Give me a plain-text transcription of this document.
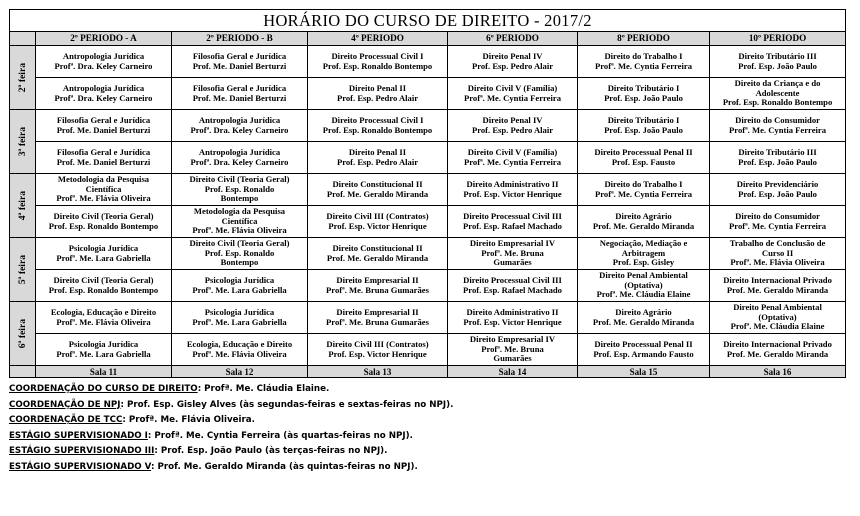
HORÁRIO DO CURSO DE DIREITO - 2017/2						
	2º PERIODO - A	2º PERIODO - B	4º PERIODO	6º PERIODO	8º PERIODO	10º PERIODO

2ª feira	Antropologia Jurídica
Profª. Dra. Keley Carneiro	Filosofia Geral e Jurídica
Prof. Me. Daniel Berturzi	Direito Processual Civil I
Prof. Esp. Ronaldo Bontempo	Direito Penal IV
Prof. Esp. Pedro Alair	Direito do Trabalho I
Profª. Me. Cyntia Ferreira	Direito Tributário III
Prof. Esp. João Paulo

	Antropologia Jurídica
Profª. Dra. Keley Carneiro	Filosofia Geral e Jurídica
Prof. Me. Daniel Berturzi	Direito Penal II
Prof. Esp. Pedro Alair	Direito Civil V (Família)
Profª. Me. Cyntia Ferreira	Direito Tributário I
Prof. Esp. João Paulo	Direito da Criança e do
Adolescente
Prof. Esp. Ronaldo Bontempo

3ª feira	Filosofia Geral e Jurídica
Prof. Me. Daniel Berturzi	Antropologia Jurídica
Profª. Dra. Keley Carneiro	Direito Processual Civil I
Prof. Esp. Ronaldo Bontempo	Direito Penal IV
Prof. Esp. Pedro Alair	Direito Tributário I
Prof. Esp. João Paulo	Direito do Consumidor
Profª. Me. Cyntia Ferreira

	Filosofia Geral e Jurídica
Prof. Me. Daniel Berturzi	Antropologia Jurídica
Profª. Dra. Keley Carneiro	Direito Penal II
Prof. Esp. Pedro Alair	Direito Civil V (Família)
Profª. Me. Cyntia Ferreira	Direito Processual Penal II
Prof. Esp. Fausto	Direito Tributário III
Prof. Esp. João Paulo

4ª feira	Metodologia da Pesquisa
Científica
Profª. Me. Flávia Oliveira	Direito Civil (Teoria Geral)
Prof. Esp. Ronaldo
Bontempo	Direito Constitucional II
Prof. Me. Geraldo Miranda	Direito Administrativo II
Prof. Esp. Victor Henrique	Direito do Trabalho I
Profª. Me. Cyntia Ferreira	Direito Previdenciário
Prof. Esp. João Paulo

	Direito Civil (Teoria Geral)
Prof. Esp. Ronaldo Bontempo	Metodologia da Pesquisa
Científica
Profª. Me. Flávia Oliveira	Direito Civil III (Contratos)
Prof. Esp. Victor Henrique	Direito Processual Civil III
Prof. Esp. Rafael Machado	Direito Agrário
Prof. Me. Geraldo Miranda	Direito do Consumidor
Profª. Me. Cyntia Ferreira

5ª feira	Psicologia Jurídica
Profª. Me. Lara Gabriella	Direito Civil (Teoria Geral)
Prof. Esp. Ronaldo
Bontempo	Direito Constitucional II
Prof. Me. Geraldo Miranda	Direito Empresarial IV
Profª. Me. Bruna
Gumarães	Negociação, Mediação e
Arbitragem
Prof. Esp. Gisley	Trabalho de Conclusão de
Curso II
Profª. Me. Flávia Oliveira

	Direito Civil (Teoria Geral)
Prof. Esp. Ronaldo Bontempo	Psicologia Jurídica
Profª. Me. Lara Gabriella	Direito Empresarial II
Profª. Me. Bruna Gumarães	Direito Processual Civil III
Prof. Esp. Rafael Machado	Direito Penal Ambiental
(Optativa)
Profª. Me. Cláudia Elaine	Direito Internacional Privado
Prof. Me. Geraldo Miranda

6ª feira	Ecologia, Educação e Direito
Profª. Me. Flávia Oliveira	Psicologia Jurídica
Profª. Me. Lara Gabriella	Direito Empresarial II
Profª. Me. Bruna Gumarães	Direito Administrativo II
Prof. Esp. Victor Henrique	Direito Agrário
Prof. Me. Geraldo Miranda	Direito Penal Ambiental
(Optativa)
Profª. Me. Cláudia Elaine

	Psicologia Jurídica
Profª. Me. Lara Gabriella	Ecologia, Educação e Direito
Profª. Me. Flávia Oliveira	Direito Civil III (Contratos)
Prof. Esp. Victor Henrique	Direito Empresarial IV
Profª. Me. Bruna
Gumarães	Direito Processual Penal II
Prof. Esp. Armando Fausto	Direito Internacional Privado
Prof. Me. Geraldo Miranda

	Sala 11	Sala 12	Sala 13	Sala 14	Sala 15	Sala 16
COORDENAÇÃO DO CURSO DE DIREITO: Profª. Me. Cláudia Elaine.
COORDENAÇÃO DE NPJ: Prof. Esp. Gisley Alves (às segundas-feiras e sextas-feiras no NPJ).
COORDENAÇÃO DE TCC: Profª. Me. Flávia Oliveira.
ESTÁGIO SUPERVISIONADO I: Profª. Me. Cyntia Ferreira (às quartas-feiras no NPJ).
ESTÁGIO SUPERVISIONADO III: Prof. Esp. João Paulo (às terças-feiras no NPJ).
ESTÁGIO SUPERVISIONADO V: Prof. Me. Geraldo Miranda (às quintas-feiras no NPJ).
